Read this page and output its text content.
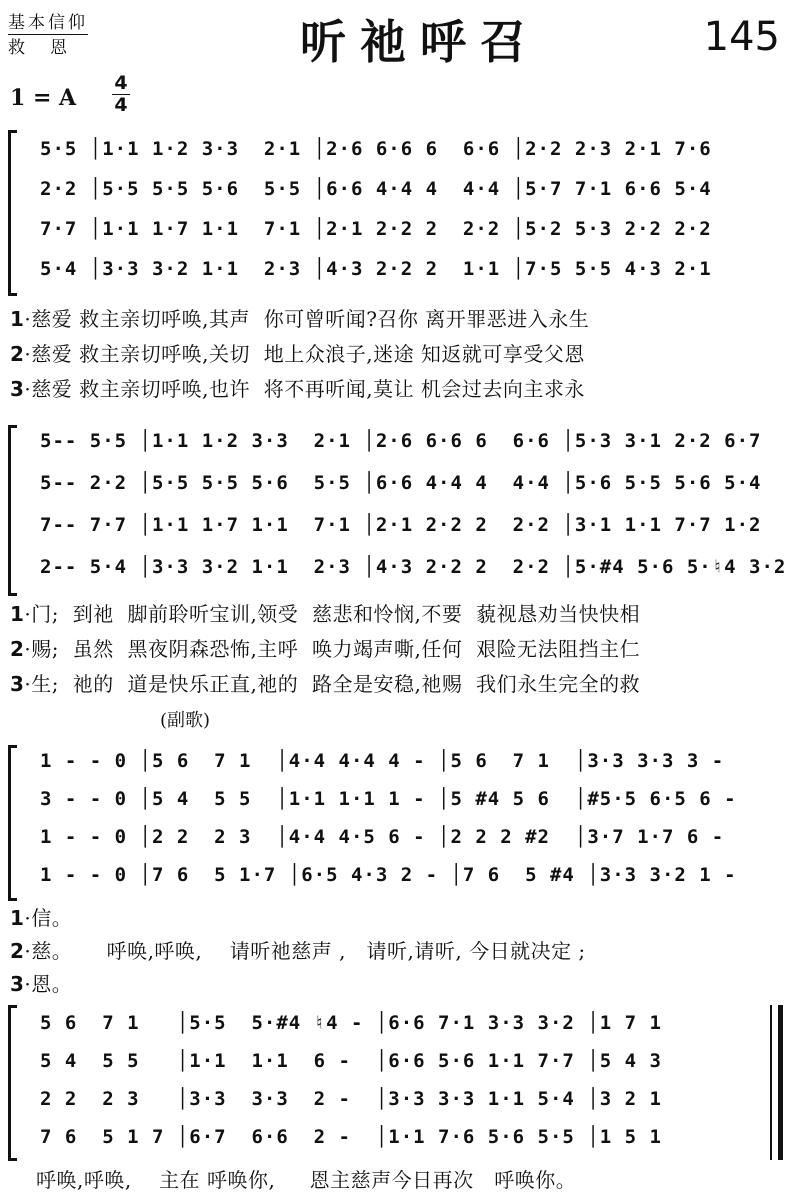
基本信仰
救 恩	听祂呼召	145
1 = A
4
4
5·5 │1·1 1·2 3·3  2·1 │2·6 6·6 6  6·6 │2·2 2·3 2·1 7·6
2·2 │5·5 5·5 5·6  5·5 │6·6 4·4 4  4·4 │5·7 7·1 6·6 5·4
7·7 │1·1 1·7 1·1  7·1 │2·1 2·2 2  2·2 │5·2 5·3 2·2 2·2
5·4 │3·3 3·2 1·1  2·3 │4·3 2·2 2  1·1 │7·5 5·5 4·3 2·1
1·慈爱 救主亲切呼唤,其声  你可曾听闻?召你 离开罪恶进入永生
2·慈爱 救主亲切呼唤,关切  地上众浪子,迷途 知返就可享受父恩
3·慈爱 救主亲切呼唤,也许  将不再听闻,莫让 机会过去向主求永
5-- 5·5 │1·1 1·2 3·3  2·1 │2·6 6·6 6  6·6 │5·3 3·1 2·2 6·7
5-- 2·2 │5·5 5·5 5·6  5·5 │6·6 4·4 4  4·4 │5·6 5·5 5·6 5·4
7-- 7·7 │1·1 1·7 1·1  7·1 │2·1 2·2 2  2·2 │3·1 1·1 7·7 1·2
2-- 5·4 │3·3 3·2 1·1  2·3 │4·3 2·2 2  2·2 │5·#4 5·6 5·♮4 3·2
1·门;  到祂  脚前聆听宝训,领受  慈悲和怜悯,不要  藐视恳劝当快快相
2·赐;  虽然  黑夜阴森恐怖,主呼  唤力竭声嘶,任何  艰险无法阻挡主仁
3·生;  祂的  道是快乐正直,祂的  路全是安稳,祂赐  我们永生完全的救
(副歌)
1 - - 0 │5 6  7 1  │4·4 4·4 4 - │5 6  7 1  │3·3 3·3 3 -
3 - - 0 │5 4  5 5  │1·1 1·1 1 - │5 #4 5 6  │#5·5 6·5 6 -
1 - - 0 │2 2  2 3  │4·4 4·5 6 - │2 2 2 #2  │3·7 1·7 6 -
1 - - 0 │7 6  5 1·7 │6·5 4·3 2 - │7 6  5 #4 │3·3 3·2 1 -
1·信。
2·慈。     呼唤,呼唤,    请听祂慈声 ,   请听,请听, 今日就决定 ;
3·恩。
5 6  7 1   │5·5  5·#4 ♮4 - │6·6 7·1 3·3 3·2 │1 7 1
5 4  5 5   │1·1  1·1  6 -  │6·6 5·6 1·1 7·7 │5 4 3
2 2  2 3   │3·3  3·3  2 -  │3·3 3·3 1·1 5·4 │3 2 1
7 6  5 1 7 │6·7  6·6  2 -  │1·1 7·6 5·6 5·5 │1 5 1
呼唤,呼唤,    主在 呼唤你,     恩主慈声今日再次   呼唤你。
